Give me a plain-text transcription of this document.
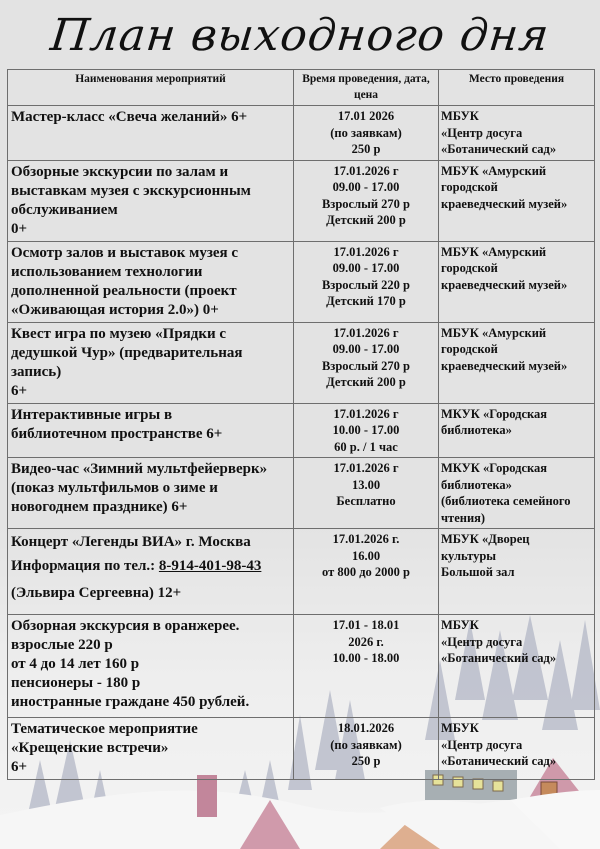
План выходного дня
Наименования мероприятий	Время проведения, дата, цена	Место проведения

Мастер-класс «Свеча желаний» 6+	17.01 2026
(по заявкам)
250 р	МБУК
«Центр досуга
«Ботанический сад»

Обзорные экскурсии по залам и
выставкам музея с экскурсионным
обслуживанием
0+	17.01.2026 г
09.00 - 17.00
Взрослый 270 р
Детский 200 р	МБУК «Амурский
городской
краеведческий музей»

Осмотр залов и выставок музея с
использованием технологии
дополненной реальности (проект
«Оживающая история 2.0») 0+	17.01.2026 г
09.00 - 17.00
Взрослый 220 р
Детский 170 р	МБУК «Амурский
городской
краеведческий музей»

Квест игра по музею «Прядки с
дедушкой Чур» (предварительная
запись)
6+	17.01.2026 г
09.00 - 17.00
Взрослый 270 р
Детский 200 р	МБУК «Амурский
городской
краеведческий музей»

Интерактивные игры в
библиотечном пространстве 6+	17.01.2026 г
10.00 - 17.00
60 р. / 1 час	МКУК «Городская
библиотека»

Видео-час «Зимний мультфейерверк»
(показ мультфильмов о зиме и
новогоднем празднике) 6+	17.01.2026 г
13.00
Бесплатно	МКУК «Городская
библиотека»
(библиотека семейного
чтения)

Концерт «Легенды ВИА» г. Москва
Информация по тел.: 8-914-401-98-43
(Эльвира Сергеевна) 12+	17.01.2026 г.
16.00
от 800 до 2000 р	МБУК «Дворец
культуры
Большой зал

Обзорная экскурсия в оранжерее.
взрослые 220 р
от 4 до 14 лет 160 р
пенсионеры - 180 р
иностранные граждане 450 рублей.	17.01 - 18.01
2026 г.
10.00 - 18.00	МБУК
«Центр досуга
«Ботанический сад»

Тематическое мероприятие
«Крещенские встречи»
6+	18.01.2026
(по заявкам)
250 р	МБУК
«Центр досуга
«Ботанический сад»
